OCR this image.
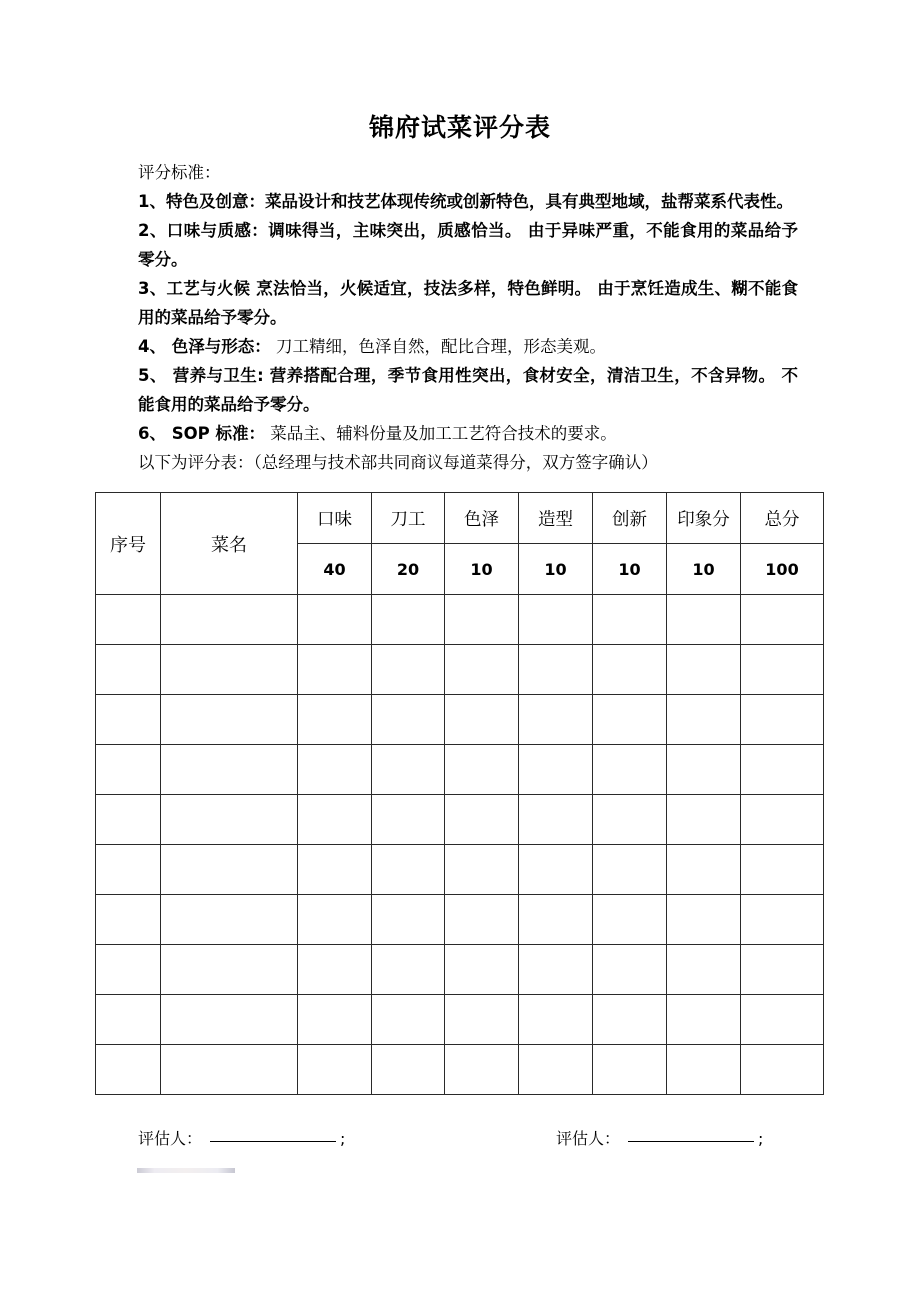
锦府试菜评分表

评分标准：

1、特色及创意：菜品设计和技艺体现传统或创新特色，具有典型地域，盐帮菜系代表性。

2、口味与质感：调味得当，主味突出，质感恰当。 由于异味严重，不能食用的菜品给予零分。

3、工艺与火候 烹法恰当，火候适宜，技法多样，特色鲜明。 由于烹饪造成生、糊不能食用的菜品给予零分。

4、 色泽与形态： 刀工精细，色泽自然，配比合理，形态美观。

5、 营养与卫生: 营养搭配合理，季节食用性突出，食材安全，清洁卫生，不含异物。 不能食用的菜品给予零分。

6、 SOP 标准： 菜品主、辅料份量及加工工艺符合技术的要求。

以下为评分表：（总经理与技术部共同商议每道菜得分，双方签字确认）

序号	菜名	口味	刀工	色泽	造型	创新	印象分	总分
		40	20	10	10	10	10	100

评估人：	;	评估人：	;
